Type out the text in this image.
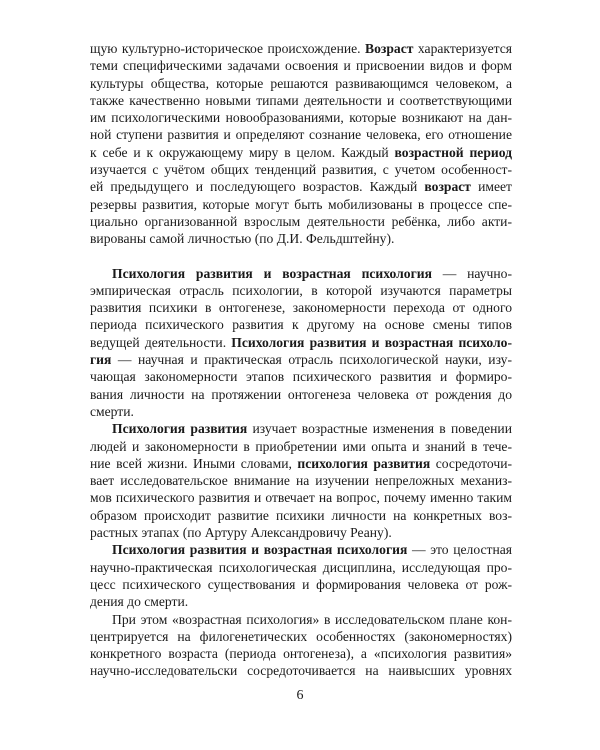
щую культурно-историческое происхождение. Возраст характеризуется
теми специфическими задачами освоения и присвоении видов и форм
культуры общества, которые решаются развивающимся человеком, а
также качественно новыми типами деятельности и соответствующими
им психологическими новообразованиями, которые возникают на дан-
ной ступени развития и определяют сознание человека, его отношение
к себе и к окружающему миру в целом. Каждый возрастной период
изучается с учётом общих тенденций развития, с учетом особенност-
ей предыдущего и последующего возрастов. Каждый возраст имеет
резервы развития, которые могут быть мобилизованы в процессе спе-
циально организованной взрослым деятельности ребёнка, либо акти-
вированы самой личностью (по Д.И. Фельдштейну).
Психология развития и возрастная психология — научно-
эмпирическая отрасль психологии, в которой изучаются параметры
развития психики в онтогенезе, закономерности перехода от одного
периода психического развития к другому на основе смены типов
ведущей деятельности. Психология развития и возрастная психоло-
гия — научная и практическая отрасль психологической науки, изу-
чающая закономерности этапов психического развития и формиро-
вания личности на протяжении онтогенеза человека от рождения до
смерти.
Психология развития изучает возрастные изменения в поведении
людей и закономерности в приобретении ими опыта и знаний в тече-
ние всей жизни. Иными словами, психология развития сосредоточи-
вает исследовательское внимание на изучении непреложных механиз-
мов психического развития и отвечает на вопрос, почему именно таким
образом происходит развитие психики личности на конкретных воз-
растных этапах (по Артуру Александровичу Реану).
Психология развития и возрастная психология — это целостная
научно-практическая психологическая дисциплина, исследующая про-
цесс психического существования и формирования человека от рож-
дения до смерти.
При этом «возрастная психология» в исследовательском плане кон-
центрируется на филогенетических особенностях (закономерностях)
конкретного возраста (периода онтогенеза), а «психология развития»
научно-исследовательски сосредоточивается на наивысших уровнях
6
